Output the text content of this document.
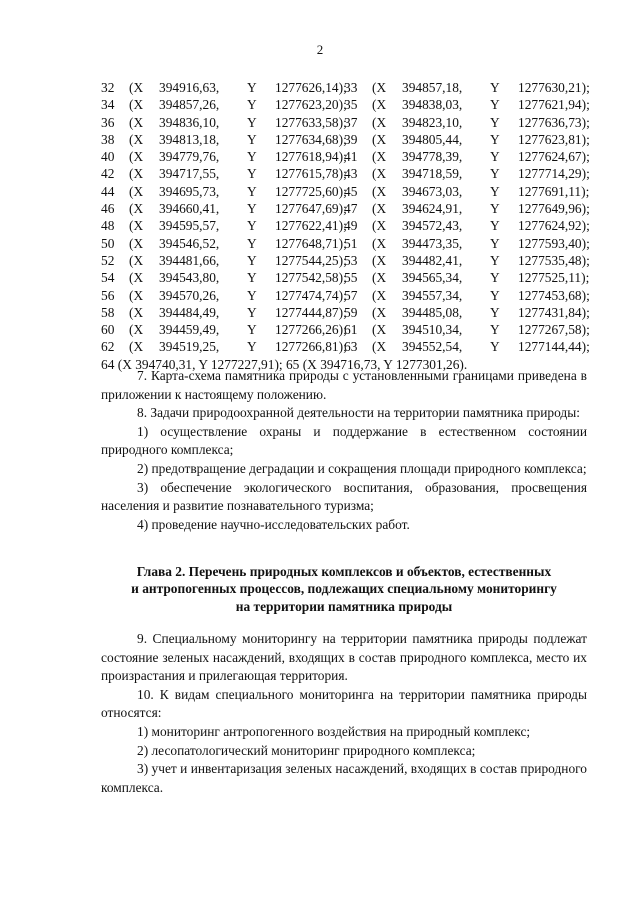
2
32	(X	394916,63,	Y	1277626,14);
33	(X	394857,18,	Y	1277630,21);
34	(X	394857,26,	Y	1277623,20);
35	(X	394838,03,	Y	1277621,94);
36	(X	394836,10,	Y	1277633,58);
37	(X	394823,10,	Y	1277636,73);
38	(X	394813,18,	Y	1277634,68);
39	(X	394805,44,	Y	1277623,81);
40	(X	394779,76,	Y	1277618,94);
41	(X	394778,39,	Y	1277624,67);
42	(X	394717,55,	Y	1277615,78);
43	(X	394718,59,	Y	1277714,29);
44	(X	394695,73,	Y	1277725,60);
45	(X	394673,03,	Y	1277691,11);
46	(X	394660,41,	Y	1277647,69);
47	(X	394624,91,	Y	1277649,96);
48	(X	394595,57,	Y	1277622,41);
49	(X	394572,43,	Y	1277624,92);
50	(X	394546,52,	Y	1277648,71);
51	(X	394473,35,	Y	1277593,40);
52	(X	394481,66,	Y	1277544,25);
53	(X	394482,41,	Y	1277535,48);
54	(X	394543,80,	Y	1277542,58);
55	(X	394565,34,	Y	1277525,11);
56	(X	394570,26,	Y	1277474,74);
57	(X	394557,34,	Y	1277453,68);
58	(X	394484,49,	Y	1277444,87);
59	(X	394485,08,	Y	1277431,84);
60	(X	394459,49,	Y	1277266,26);
61	(X	394510,34,	Y	1277267,58);
62	(X	394519,25,	Y	1277266,81);
63	(X	394552,54,	Y	1277144,44);
64 (X 394740,31, Y 1277227,91); 65 (X 394716,73, Y 1277301,26).

7. Карта-схема памятника природы с установленными границами приведена в приложении к настоящему положению.

8. Задачи природоохранной деятельности на территории памятника природы:

1) осуществление охраны и поддержание в естественном состоянии природного комплекса;

2) предотвращение деградации и сокращения площади природного комплекса;

3) обеспечение экологического воспитания, образования, просвещения населения и развитие познавательного туризма;

4) проведение научно-исследовательских работ.

Глава 2. Перечень природных комплексов и объектов, естественных
и антропогенных процессов, подлежащих специальному мониторингу
на территории памятника природы

9. Специальному мониторингу на территории памятника природы подлежат состояние зеленых насаждений, входящих в состав природного комплекса, место их произрастания и прилегающая территория.

10. К видам специального мониторинга на территории памятника природы относятся:

1) мониторинг антропогенного воздействия на природный комплекс;

2) лесопатологический мониторинг природного комплекса;

3) учет и инвентаризация зеленых насаждений, входящих в состав природного комплекса.
